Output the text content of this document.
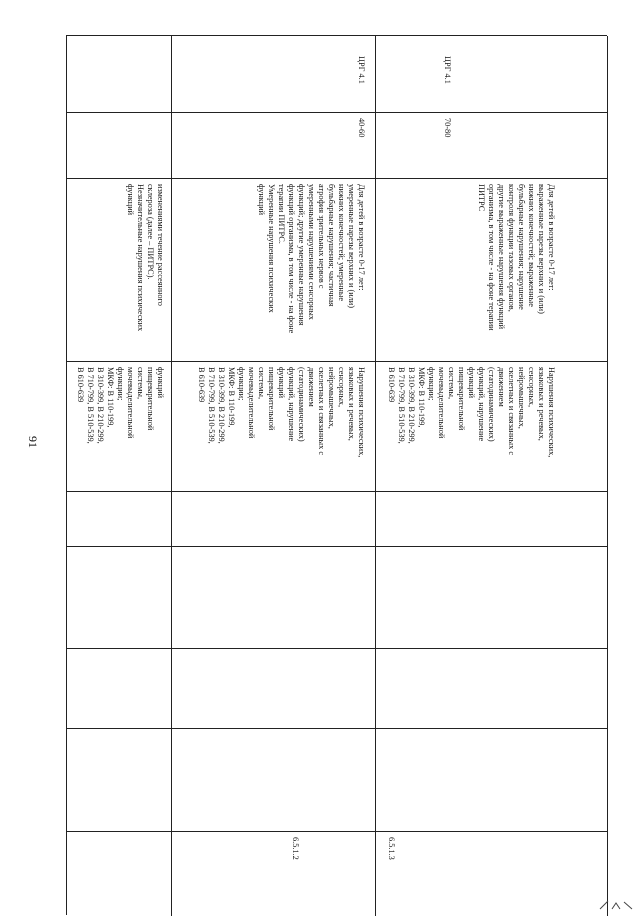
91
функций
пищеварительной
системы,
мочевыделительной
функции;
МКФ: B 110-199,
B 310-399, B 210-299,
B 710-799, B 510-539,
B 610-639
изменениями течение рассеянного
склероза (далее – ПИТРС).
Незначительные нарушения психических
функций
6.5.1.2
Нарушения психических,
языковых и речевых,
сенсорных,
нейромышечных,
скелетных и связанных с
движением
(статодинамических)
функций, нарушение
функций
пищеварительной
системы,
мочевыделительной
функции;
МКФ: B 110-199,
B 310-399, B 210-299,
B 710-799, B 510-539,
B 610-639
Для детей в возрасте 0-17 лет:
умеренные парезы верхних и (или)
нижних конечностей; умеренные
бульбарные нарушения; частичная
атрофия зрительных нервов с
умеренными нарушениями сенсорных
функций; другие умеренные нарушения
функций организма, в том числе - на фоне
терапии ПИТРС.
Умеренные нарушения психических
функций
40-60
ЦРГ 4.1
6.5.1.3
Нарушения психических,
языковых и речевых,
сенсорных,
нейромышечных,
скелетных и связанных с
движением
(статодинамических)
функций, нарушение
функций
пищеварительной
системы,
мочевыделительной
функции;
МКФ: B 110-199,
B 310-399, B 210-299,
B 710-799, B 510-539,
B 610-639
Для детей в возрасте 0-17 лет:
выраженные парезы верхних и (или)
нижних конечностей; выраженные
бульбарные нарушения; нарушение
контроля функции тазовых органов,
другие выраженные нарушения функций
организма, в том числе - на фоне терапии
ПИТРС
70-80
ЦРГ 4.1
